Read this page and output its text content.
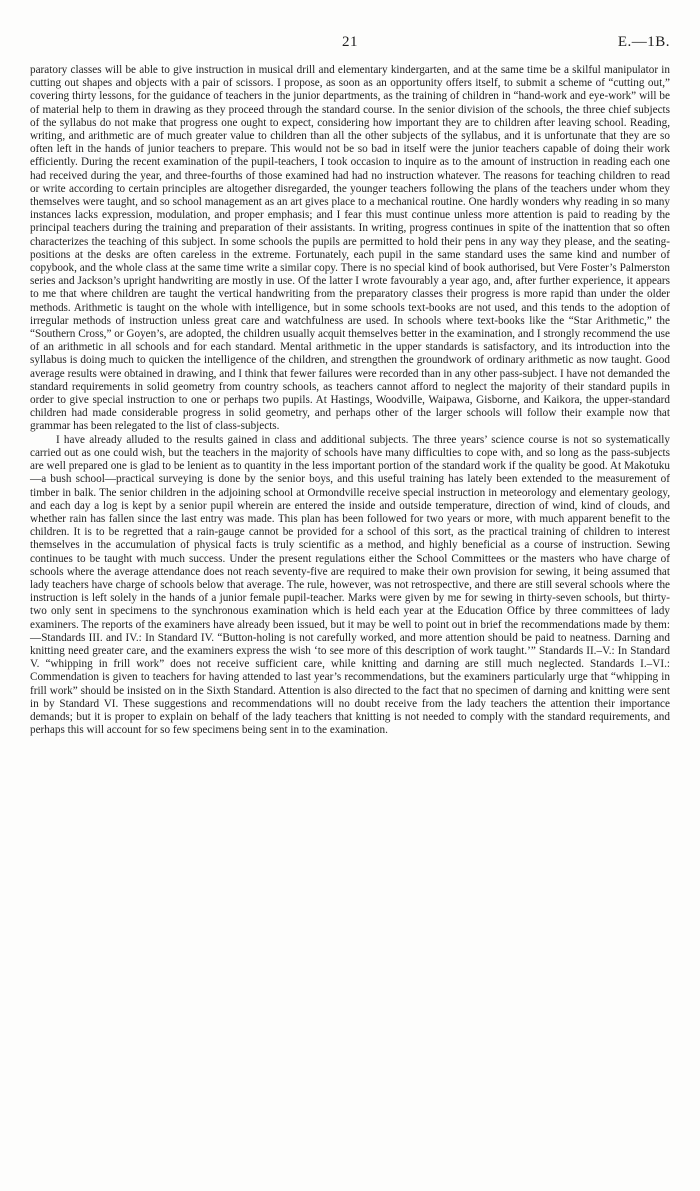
21	E.—1B.

paratory classes will be able to give instruction in musical drill and elementary kindergarten, and at the same time be a skilful manipulator in cutting out shapes and objects with a pair of scissors. I propose, as soon as an opportunity offers itself, to submit a scheme of “cutting out,” covering thirty lessons, for the guidance of teachers in the junior departments, as the training of children in “hand-work and eye-work” will be of material help to them in drawing as they proceed through the standard course. In the senior division of the schools, the three chief subjects of the syllabus do not make that progress one ought to expect, considering how important they are to children after leaving school. Reading, writing, and arithmetic are of much greater value to children than all the other subjects of the syllabus, and it is unfortunate that they are so often left in the hands of junior teachers to prepare. This would not be so bad in itself were the junior teachers capable of doing their work efficiently. During the recent examination of the pupil-teachers, I took occasion to inquire as to the amount of instruction in reading each one had received during the year, and three-fourths of those examined had had no instruction whatever. The reasons for teaching children to read or write according to certain principles are altogether disregarded, the younger teachers following the plans of the teachers under whom they themselves were taught, and so school management as an art gives place to a mechanical routine. One hardly wonders why reading in so many instances lacks expression, modulation, and proper emphasis; and I fear this must continue unless more attention is paid to reading by the principal teachers during the training and preparation of their assistants. In writing, progress continues in spite of the inattention that so often characterizes the teaching of this subject. In some schools the pupils are permitted to hold their pens in any way they please, and the seating-positions at the desks are often careless in the extreme. Fortunately, each pupil in the same standard uses the same kind and number of copybook, and the whole class at the same time write a similar copy. There is no special kind of book authorised, but Vere Foster’s Palmerston series and Jackson’s upright handwriting are mostly in use. Of the latter I wrote favourably a year ago, and, after further experience, it appears to me that where children are taught the vertical handwriting from the preparatory classes their progress is more rapid than under the older methods. Arithmetic is taught on the whole with intelligence, but in some schools text-books are not used, and this tends to the adoption of irregular methods of instruction unless great care and watchfulness are used. In schools where text-books like the “Star Arithmetic,” the “Southern Cross,” or Goyen’s, are adopted, the children usually acquit themselves better in the examination, and I strongly recommend the use of an arithmetic in all schools and for each standard. Mental arithmetic in the upper standards is satisfactory, and its introduction into the syllabus is doing much to quicken the intelligence of the children, and strengthen the groundwork of ordinary arithmetic as now taught. Good average results were obtained in drawing, and I think that fewer failures were recorded than in any other pass-subject. I have not demanded the standard requirements in solid geometry from country schools, as teachers cannot afford to neglect the majority of their standard pupils in order to give special instruction to one or perhaps two pupils. At Hastings, Woodville, Waipawa, Gisborne, and Kaikora, the upper-standard children had made considerable progress in solid geometry, and perhaps other of the larger schools will follow their example now that grammar has been relegated to the list of class-subjects.

I have already alluded to the results gained in class and additional subjects. The three years’ science course is not so systematically carried out as one could wish, but the teachers in the majority of schools have many difficulties to cope with, and so long as the pass-subjects are well prepared one is glad to be lenient as to quantity in the less important portion of the standard work if the quality be good. At Makotuku—a bush school—practical surveying is done by the senior boys, and this useful training has lately been extended to the measurement of timber in balk. The senior children in the adjoining school at Ormondville receive special instruction in meteorology and elementary geology, and each day a log is kept by a senior pupil wherein are entered the inside and outside temperature, direction of wind, kind of clouds, and whether rain has fallen since the last entry was made. This plan has been followed for two years or more, with much apparent benefit to the children. It is to be regretted that a rain-gauge cannot be provided for a school of this sort, as the practical training of children to interest themselves in the accumulation of physical facts is truly scientific as a method, and highly beneficial as a course of instruction. Sewing continues to be taught with much success. Under the present regulations either the School Committees or the masters who have charge of schools where the average attendance does not reach seventy-five are required to make their own provision for sewing, it being assumed that lady teachers have charge of schools below that average. The rule, however, was not retrospective, and there are still several schools where the instruction is left solely in the hands of a junior female pupil-teacher. Marks were given by me for sewing in thirty-seven schools, but thirty-two only sent in specimens to the synchronous examination which is held each year at the Education Office by three committees of lady examiners. The reports of the examiners have already been issued, but it may be well to point out in brief the recommendations made by them:—Standards III. and IV.: In Standard IV. “Button-holing is not carefully worked, and more attention should be paid to neatness. Darning and knitting need greater care, and the examiners express the wish ‘to see more of this description of work taught.’” Standards II.–V.: In Standard V. “whipping in frill work” does not receive sufficient care, while knitting and darning are still much neglected. Standards I.–VI.: Commendation is given to teachers for having attended to last year’s recommendations, but the examiners particularly urge that “whipping in frill work” should be insisted on in the Sixth Standard. Attention is also directed to the fact that no specimen of darning and knitting were sent in by Standard VI. These suggestions and recommendations will no doubt receive from the lady teachers the attention their importance demands; but it is proper to explain on behalf of the lady teachers that knitting is not needed to comply with the standard requirements, and perhaps this will account for so few specimens being sent in to the examination.
